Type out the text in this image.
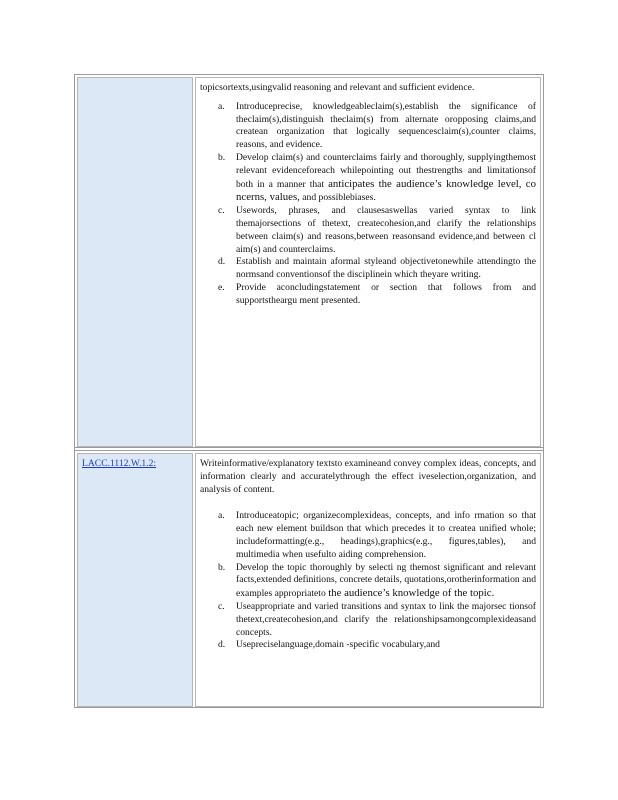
topicsortexts,usingvalid reasoning and relevant and sufficient evidence.

a. Introduceprecise, knowledgeableclaim(s),establish the significance of theclaim(s),distinguish theclaim(s) from alternate oropposing claims,and createan organization that logically sequencesclaim(s),counter claims, reasons, and evidence.
b. Develop claim(s) and counterclaims fairly and thoroughly, supplyingthemost relevant evidenceforeach whilepointing out thestrengths and limitationsof both in a manner that anticipates the audience’s knowledge level, co ncerns, values, and possiblebiases.
c. Usewords, phrases, and clausesaswellas varied syntax to link themajorsections of thetext, createcohesion,and clarify the relationships between claim(s) and reasons,between reasonsand evidence,and between cl aim(s) and counterclaims.
d. Establish and maintain aformal styleand objectivetonewhile attendingto the normsand conventionsof the disciplinein which theyare writing.
e. Provide aconcludingstatement or section that follows from and supportstheargu ment presented.
LACC.1112.W.1.2:	Writeinformative/explanatory textsto examineand convey complex ideas, concepts, and information clearly and accuratelythrough the effect iveselection,organization, and analysis of content.

a. Introduceatopic; organizecomplexideas, concepts, and info rmation so that each new element buildson that which precedes it to createa unified whole; includeformatting(e.g., headings),graphics(e.g., figures,tables), and multimedia when usefulto aiding comprehension.
b. Develop the topic thoroughly by selecti ng themost significant and relevant facts,extended definitions, concrete details, quotations,orotherinformation and examples appropriateto the audience’s knowledge of the topic.
c. Useappropriate and varied transitions and syntax to link the majorsec tionsof thetext,createcohesion,and clarify the relationshipsamongcomplexideasand concepts.
d. Usepreciselanguage,domain -specific vocabulary,and
